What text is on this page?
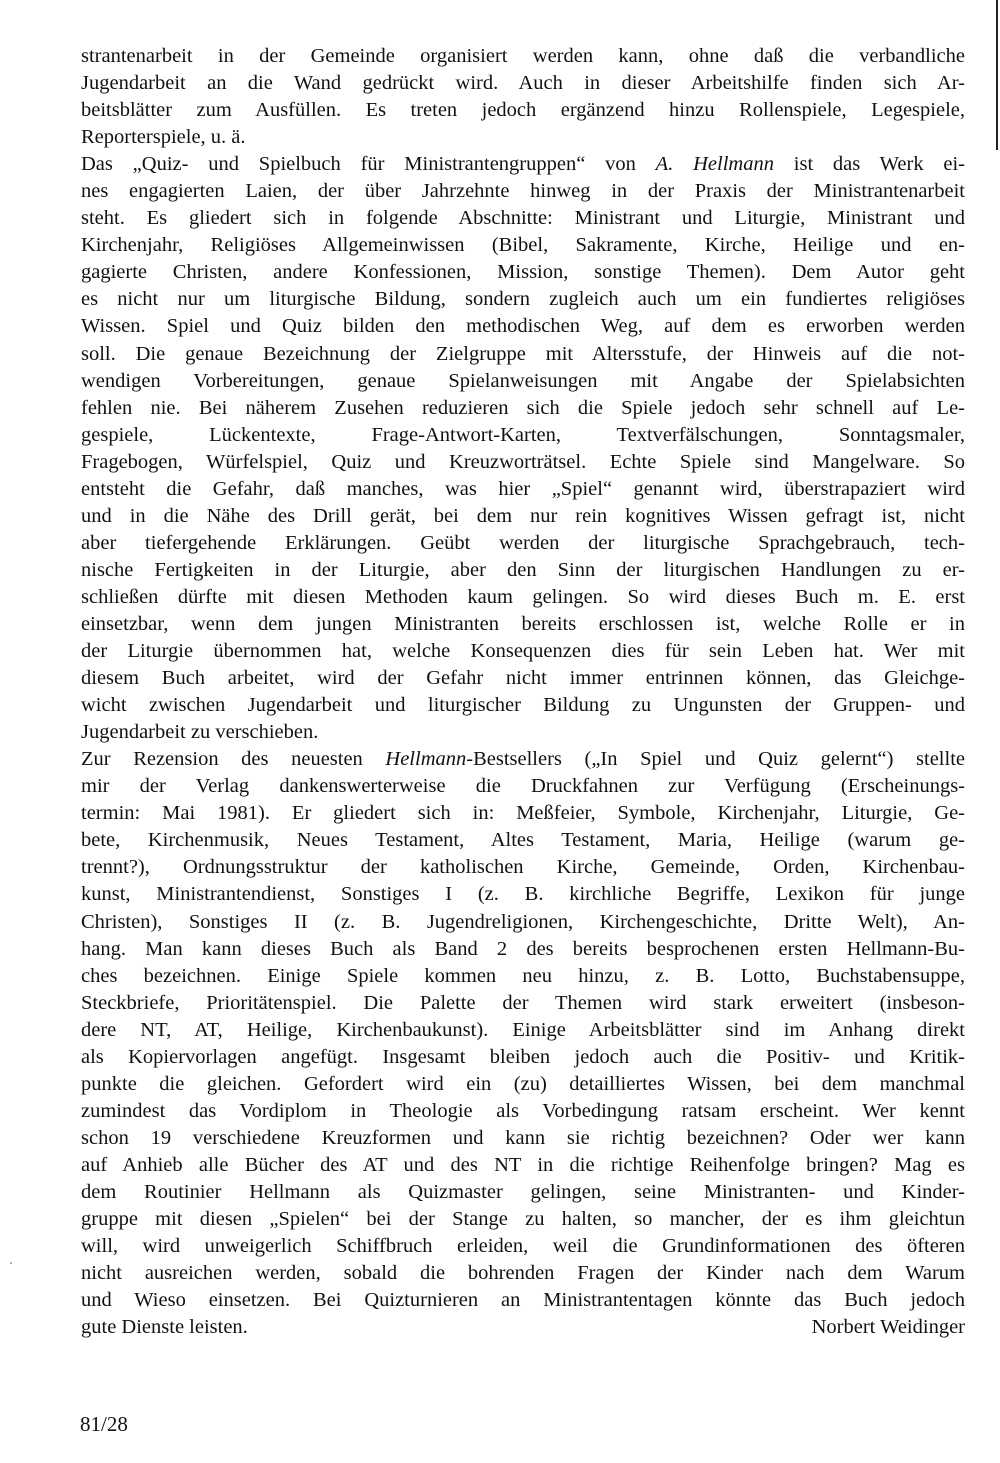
strantenarbeit in der Gemeinde organisiert werden kann, ohne daß die verbandliche
Jugendarbeit an die Wand gedrückt wird. Auch in dieser Arbeitshilfe finden sich Ar-
beitsblätter zum Ausfüllen. Es treten jedoch ergänzend hinzu Rollenspiele, Legespiele,
Reporterspiele, u. ä.
Das „Quiz- und Spielbuch für Ministrantengruppen“ von A. Hellmann ist das Werk ei-
nes engagierten Laien, der über Jahrzehnte hinweg in der Praxis der Ministrantenarbeit
steht. Es gliedert sich in folgende Abschnitte: Ministrant und Liturgie, Ministrant und
Kirchenjahr, Religiöses Allgemeinwissen (Bibel, Sakramente, Kirche, Heilige und en-
gagierte Christen, andere Konfessionen, Mission, sonstige Themen). Dem Autor geht
es nicht nur um liturgische Bildung, sondern zugleich auch um ein fundiertes religiöses
Wissen. Spiel und Quiz bilden den methodischen Weg, auf dem es erworben werden
soll. Die genaue Bezeichnung der Zielgruppe mit Altersstufe, der Hinweis auf die not-
wendigen Vorbereitungen, genaue Spielanweisungen mit Angabe der Spielabsichten
fehlen nie. Bei näherem Zusehen reduzieren sich die Spiele jedoch sehr schnell auf Le-
gespiele, Lückentexte, Frage-Antwort-Karten, Textverfälschungen, Sonntagsmaler,
Fragebogen, Würfelspiel, Quiz und Kreuzworträtsel. Echte Spiele sind Mangelware. So
entsteht die Gefahr, daß manches, was hier „Spiel“ genannt wird, überstrapaziert wird
und in die Nähe des Drill gerät, bei dem nur rein kognitives Wissen gefragt ist, nicht
aber tiefergehende Erklärungen. Geübt werden der liturgische Sprachgebrauch, tech-
nische Fertigkeiten in der Liturgie, aber den Sinn der liturgischen Handlungen zu er-
schließen dürfte mit diesen Methoden kaum gelingen. So wird dieses Buch m. E. erst
einsetzbar, wenn dem jungen Ministranten bereits erschlossen ist, welche Rolle er in
der Liturgie übernommen hat, welche Konsequenzen dies für sein Leben hat. Wer mit
diesem Buch arbeitet, wird der Gefahr nicht immer entrinnen können, das Gleichge-
wicht zwischen Jugendarbeit und liturgischer Bildung zu Ungunsten der Gruppen- und
Jugendarbeit zu verschieben.
Zur Rezension des neuesten Hellmann-Bestsellers („In Spiel und Quiz gelernt“) stellte
mir der Verlag dankenswerterweise die Druckfahnen zur Verfügung (Erscheinungs-
termin: Mai 1981). Er gliedert sich in: Meßfeier, Symbole, Kirchenjahr, Liturgie, Ge-
bete, Kirchenmusik, Neues Testament, Altes Testament, Maria, Heilige (warum ge-
trennt?), Ordnungsstruktur der katholischen Kirche, Gemeinde, Orden, Kirchenbau-
kunst, Ministrantendienst, Sonstiges I (z. B. kirchliche Begriffe, Lexikon für junge
Christen), Sonstiges II (z. B. Jugendreligionen, Kirchengeschichte, Dritte Welt), An-
hang. Man kann dieses Buch als Band 2 des bereits besprochenen ersten Hellmann-Bu-
ches bezeichnen. Einige Spiele kommen neu hinzu, z. B. Lotto, Buchstabensuppe,
Steckbriefe, Prioritätenspiel. Die Palette der Themen wird stark erweitert (insbeson-
dere NT, AT, Heilige, Kirchenbaukunst). Einige Arbeitsblätter sind im Anhang direkt
als Kopiervorlagen angefügt. Insgesamt bleiben jedoch auch die Positiv- und Kritik-
punkte die gleichen. Gefordert wird ein (zu) detailliertes Wissen, bei dem manchmal
zumindest das Vordiplom in Theologie als Vorbedingung ratsam erscheint. Wer kennt
schon 19 verschiedene Kreuzformen und kann sie richtig bezeichnen? Oder wer kann
auf Anhieb alle Bücher des AT und des NT in die richtige Reihenfolge bringen? Mag es
dem Routinier Hellmann als Quizmaster gelingen, seine Ministranten- und Kinder-
gruppe mit diesen „Spielen“ bei der Stange zu halten, so mancher, der es ihm gleichtun
will, wird unweigerlich Schiffbruch erleiden, weil die Grundinformationen des öfteren
nicht ausreichen werden, sobald die bohrenden Fragen der Kinder nach dem Warum
und Wieso einsetzen. Bei Quizturnieren an Ministrantentagen könnte das Buch jedoch
gute Dienste leisten.	Norbert Weidinger
81/28
